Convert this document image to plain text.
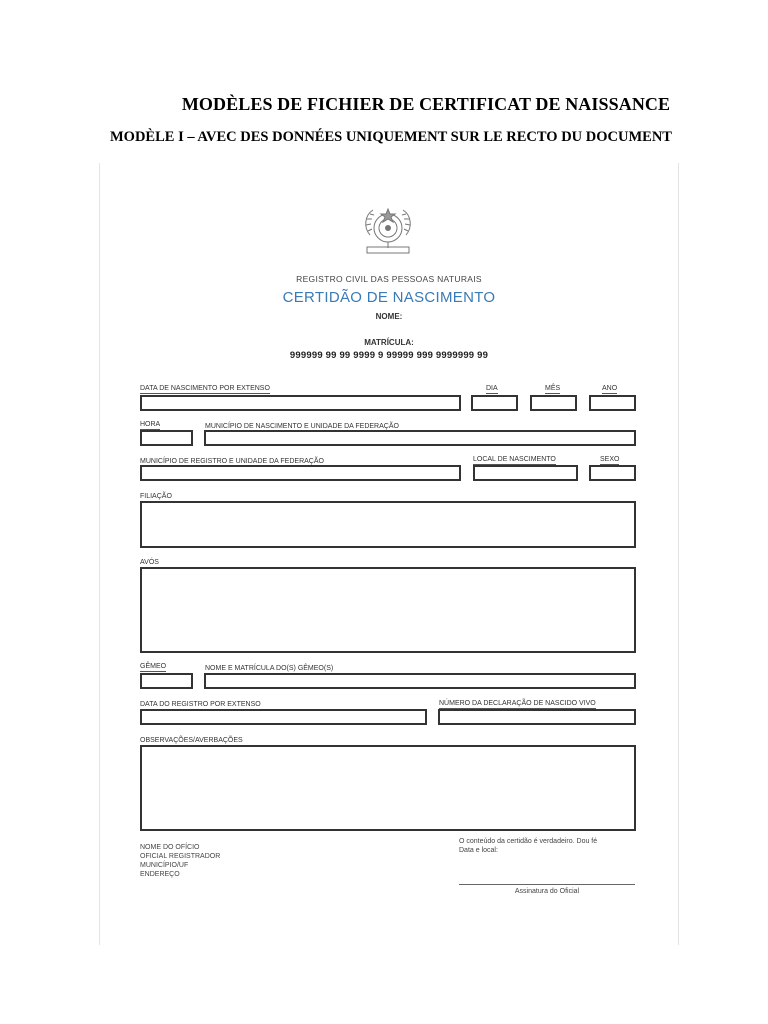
MODÈLES DE FICHIER DE CERTIFICAT DE NAISSANCE
MODÈLE I – AVEC DES DONNÉES UNIQUEMENT SUR LE RECTO DU DOCUMENT
REGISTRO CIVIL DAS PESSOAS NATURAIS
CERTIDÃO DE NASCIMENTO
NOME:
MATRÍCULA:
999999 99 99 9999 9 99999 999 9999999 99
DATA DE NASCIMENTO POR EXTENSO	DIA	MÊS	ANO
HORA	MUNICÍPIO DE NASCIMENTO E UNIDADE DA FEDERAÇÃO
MUNICÍPIO DE REGISTRO E UNIDADE DA FEDERAÇÃO	LOCAL DE NASCIMENTO	SEXO
FILIAÇÃO
AVÓS
GÊMEO	NOME E MATRÍCULA DO(S) GÊMEO(S)
DATA DO REGISTRO POR EXTENSO	NÚMERO DA DECLARAÇÃO DE NASCIDO VIVO
OBSERVAÇÕES/AVERBAÇÕES
NOME DO OFÍCIO
OFICIAL REGISTRADOR
MUNICÍPIO/UF
ENDEREÇO
O conteúdo da certidão é verdadeiro. Dou fé
Data e local:
Assinatura do Oficial
